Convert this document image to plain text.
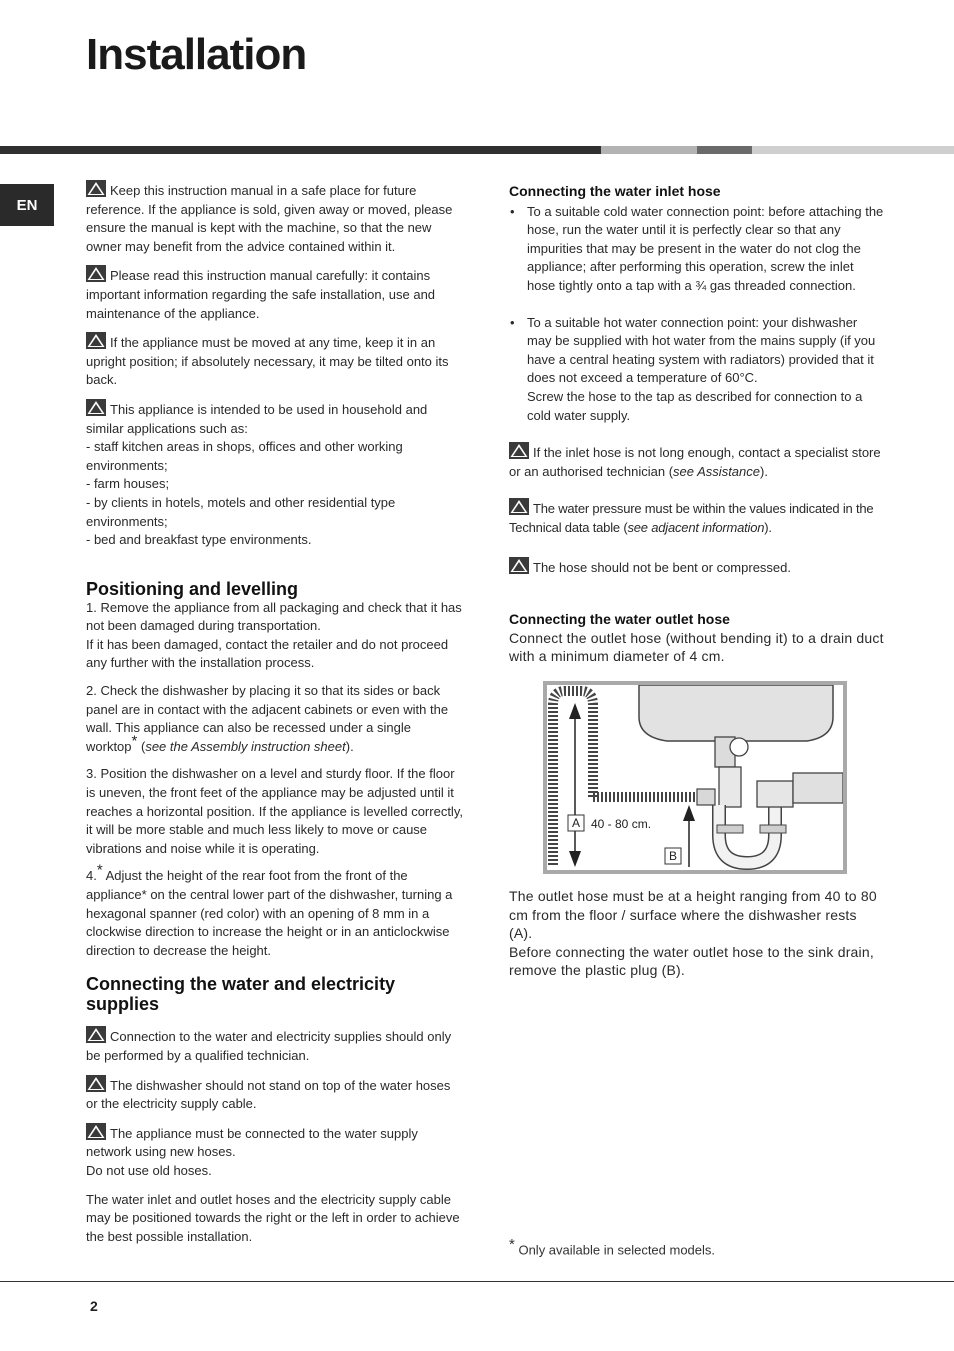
Installation
EN

Keep this instruction manual in a safe place for future reference. If the appliance is sold, given away or moved, please ensure the manual is kept with the machine, so that the new owner may benefit from the advice contained within it.

Please read this instruction manual carefully: it contains important information regarding the safe installation, use and maintenance of the appliance.

If the appliance must be moved at any time, keep it in an upright position; if absolutely necessary, it may be tilted onto its back.

This appliance is intended to be used in household and similar applications such as:

- staff kitchen areas in shops, offices and other working environments;
- farm houses;
- by clients in hotels, motels and other residential type environments;
- bed and breakfast type environments.
Positioning and levelling
1. Remove the appliance from all packaging and check that it has not been damaged during transportation.
If it has been damaged, contact the retailer and do not proceed any further with the installation process.

2. Check the dishwasher by placing it so that its sides or back panel are in contact with the adjacent cabinets or even with the wall. This appliance can also be recessed under a single worktop* (see the Assembly instruction sheet).

3. Position the dishwasher on a level and sturdy floor. If the floor is uneven, the front feet of the appliance may be adjusted until it reaches a horizontal position. If the appliance is levelled correctly, it will be more stable and much less likely to move or cause vibrations and noise while it is operating.

4.* Adjust the height of the rear foot from the front of the appliance* on the central lower part of the dishwasher, turning a hexagonal spanner (red color) with an opening of 8 mm in a clockwise direction to increase the height or in an anticlockwise direction to decrease the height.

Connecting the water and electricity supplies

Connection to the water and electricity supplies should only be performed by a qualified technician.

The dishwasher should not stand on top of the water hoses or the electricity supply cable.

The appliance must be connected to the water supply network using new hoses.

Do not use old hoses.

The water inlet and outlet hoses and the electricity supply cable may be positioned towards the right or the left in order to achieve the best possible installation.

Connecting the water inlet hose
• To a suitable cold water connection point: before attaching the hose, run the water until it is perfectly clear so that any impurities that may be present in the water do not clog the appliance; after performing this operation, screw the inlet hose tightly onto a tap with a ¾ gas threaded connection.
• To a suitable hot water connection point: your dishwasher may be supplied with hot water from the mains supply (if you have a central heating system with radiators) provided that it does not exceed a temperature of 60°C.
Screw the hose to the tap as described for connection to a cold water supply.

If the inlet hose is not long enough, contact a specialist store or an authorised technician (see Assistance).

The water pressure must be within the values indicated in the Technical data table (see adjacent information).

The hose should not be bent or compressed.

Connecting the water outlet hose
Connect the outlet hose (without bending it) to a drain duct with a minimum diameter of 4 cm.
A 40 - 80 cm.
B
The outlet hose must be at a height ranging from 40 to 80 cm from the floor / surface where the dishwasher rests (A).
Before connecting the water outlet hose to the sink drain, remove the plastic plug (B).
* Only available in selected models.
2
